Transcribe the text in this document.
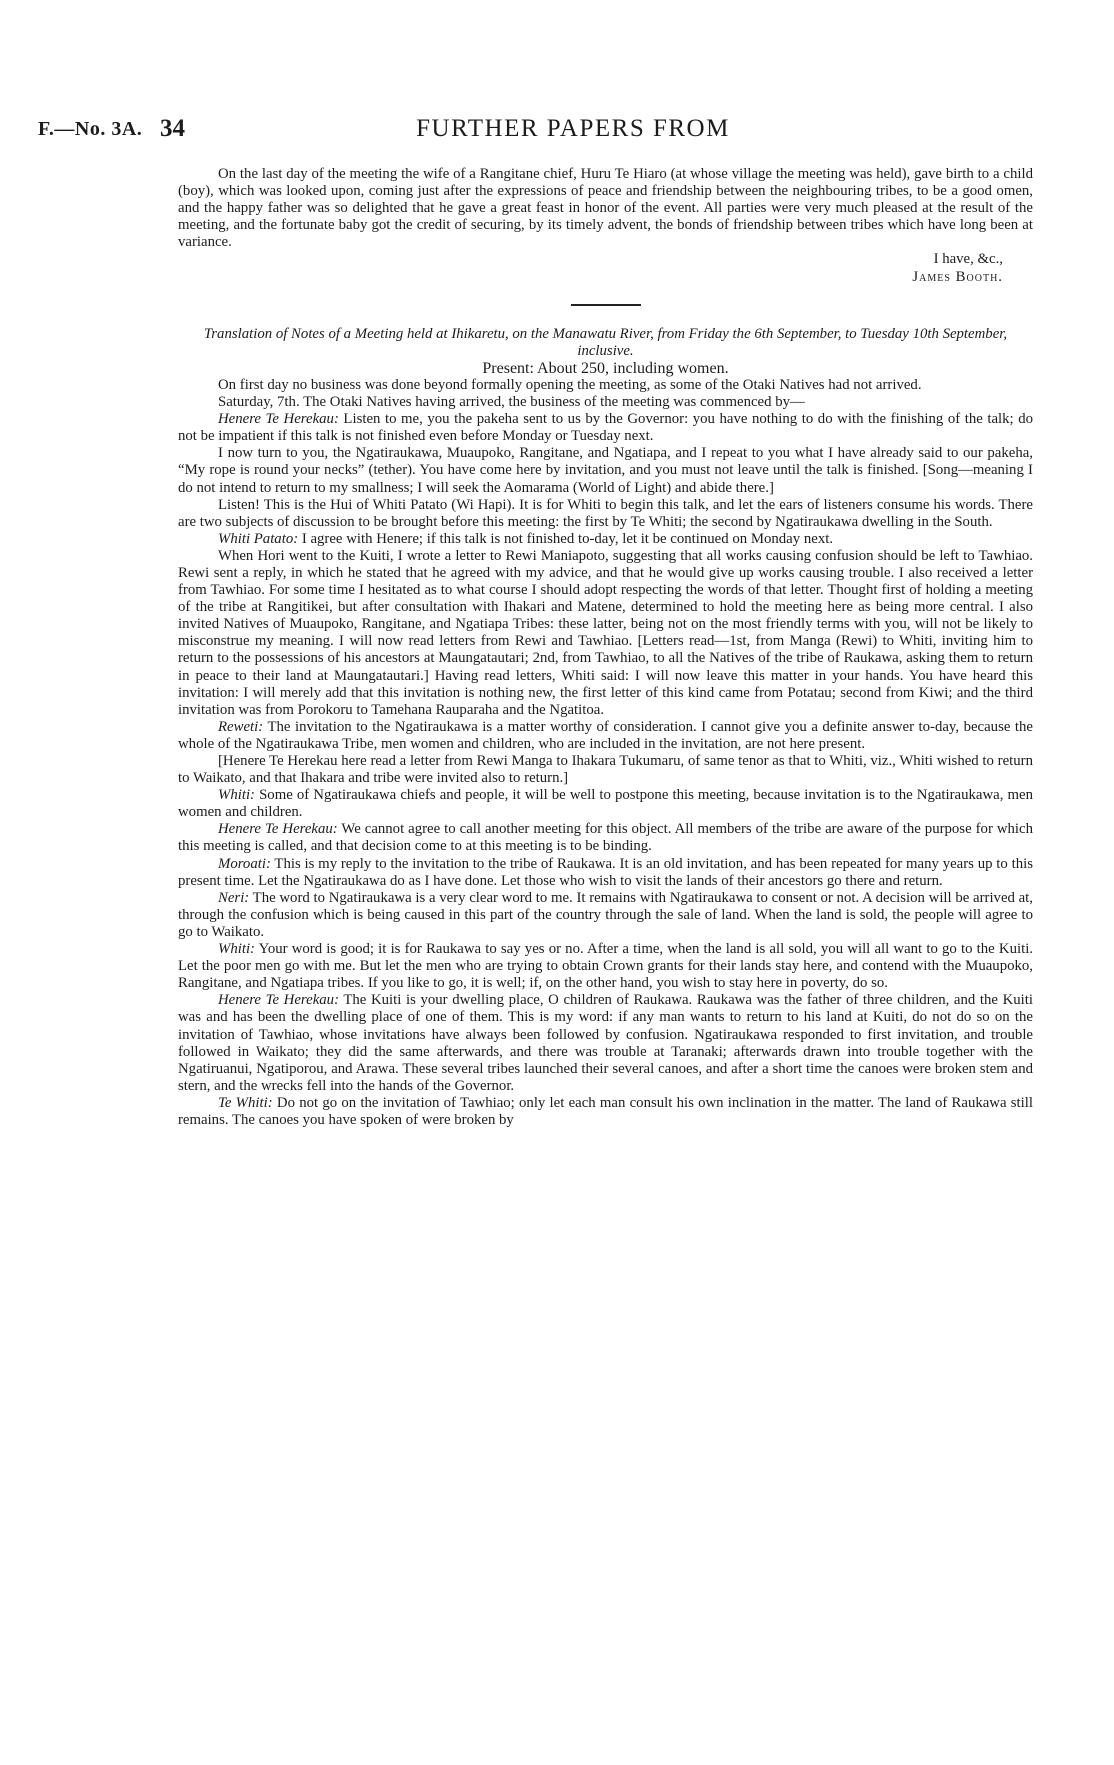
FURTHER PAPERS FROM
F.—No. 3A. 34

On the last day of the meeting the wife of a Rangitane chief, Huru Te Hiaro (at whose village the meeting was held), gave birth to a child (boy), which was looked upon, coming just after the expressions of peace and friendship between the neighbouring tribes, to be a good omen, and the happy father was so delighted that he gave a great feast in honor of the event. All parties were very much pleased at the result of the meeting, and the fortunate baby got the credit of securing, by its timely advent, the bonds of friendship between tribes which have long been at variance.

I have, &c.,
James Booth.

Translation of Notes of a Meeting held at Ihikaretu, on the Manawatu River, from Friday the 6th September, to Tuesday 10th September, inclusive.

Present: About 250, including women.

On first day no business was done beyond formally opening the meeting, as some of the Otaki Natives had not arrived.

Saturday, 7th. The Otaki Natives having arrived, the business of the meeting was commenced by—

Henere Te Herekau: Listen to me, you the pakeha sent to us by the Governor: you have nothing to do with the finishing of the talk; do not be impatient if this talk is not finished even before Monday or Tuesday next.

I now turn to you, the Ngatiraukawa, Muaupoko, Rangitane, and Ngatiapa, and I repeat to you what I have already said to our pakeha, “My rope is round your necks” (tether). You have come here by invitation, and you must not leave until the talk is finished. [Song—meaning I do not intend to return to my smallness; I will seek the Aomarama (World of Light) and abide there.]

Listen! This is the Hui of Whiti Patato (Wi Hapi). It is for Whiti to begin this talk, and let the ears of listeners consume his words. There are two subjects of discussion to be brought before this meeting: the first by Te Whiti; the second by Ngatiraukawa dwelling in the South.

Whiti Patato: I agree with Henere; if this talk is not finished to-day, let it be continued on Monday next.

When Hori went to the Kuiti, I wrote a letter to Rewi Maniapoto, suggesting that all works causing confusion should be left to Tawhiao. Rewi sent a reply, in which he stated that he agreed with my advice, and that he would give up works causing trouble. I also received a letter from Tawhiao. For some time I hesitated as to what course I should adopt respecting the words of that letter. Thought first of holding a meeting of the tribe at Rangitikei, but after consultation with Ihakari and Matene, determined to hold the meeting here as being more central. I also invited Natives of Muaupoko, Rangitane, and Ngatiapa Tribes: these latter, being not on the most friendly terms with you, will not be likely to misconstrue my meaning. I will now read letters from Rewi and Tawhiao. [Letters read—1st, from Manga (Rewi) to Whiti, inviting him to return to the possessions of his ancestors at Maungatautari; 2nd, from Tawhiao, to all the Natives of the tribe of Raukawa, asking them to return in peace to their land at Maungatautari.] Having read letters, Whiti said: I will now leave this matter in your hands. You have heard this invitation: I will merely add that this invitation is nothing new, the first letter of this kind came from Potatau; second from Kiwi; and the third invitation was from Porokoru to Tamehana Rauparaha and the Ngatitoa.

Reweti: The invitation to the Ngatiraukawa is a matter worthy of consideration. I cannot give you a definite answer to-day, because the whole of the Ngatiraukawa Tribe, men women and children, who are included in the invitation, are not here present.

[Henere Te Herekau here read a letter from Rewi Manga to Ihakara Tukumaru, of same tenor as that to Whiti, viz., Whiti wished to return to Waikato, and that Ihakara and tribe were invited also to return.]

Whiti: Some of Ngatiraukawa chiefs and people, it will be well to postpone this meeting, because invitation is to the Ngatiraukawa, men women and children.

Henere Te Herekau: We cannot agree to call another meeting for this object. All members of the tribe are aware of the purpose for which this meeting is called, and that decision come to at this meeting is to be binding.

Moroati: This is my reply to the invitation to the tribe of Raukawa. It is an old invitation, and has been repeated for many years up to this present time. Let the Ngatiraukawa do as I have done. Let those who wish to visit the lands of their ancestors go there and return.

Neri: The word to Ngatiraukawa is a very clear word to me. It remains with Ngatiraukawa to consent or not. A decision will be arrived at, through the confusion which is being caused in this part of the country through the sale of land. When the land is sold, the people will agree to go to Waikato.

Whiti: Your word is good; it is for Raukawa to say yes or no. After a time, when the land is all sold, you will all want to go to the Kuiti. Let the poor men go with me. But let the men who are trying to obtain Crown grants for their lands stay here, and contend with the Muaupoko, Rangitane, and Ngatiapa tribes. If you like to go, it is well; if, on the other hand, you wish to stay here in poverty, do so.

Henere Te Herekau: The Kuiti is your dwelling place, O children of Raukawa. Raukawa was the father of three children, and the Kuiti was and has been the dwelling place of one of them. This is my word: if any man wants to return to his land at Kuiti, do not do so on the invitation of Tawhiao, whose invitations have always been followed by confusion. Ngatiraukawa responded to first invitation, and trouble followed in Waikato; they did the same afterwards, and there was trouble at Taranaki; afterwards drawn into trouble together with the Ngatiruanui, Ngatiporou, and Arawa. These several tribes launched their several canoes, and after a short time the canoes were broken stem and stern, and the wrecks fell into the hands of the Governor.

Te Whiti: Do not go on the invitation of Tawhiao; only let each man consult his own inclination in the matter. The land of Raukawa still remains. The canoes you have spoken of were broken by
